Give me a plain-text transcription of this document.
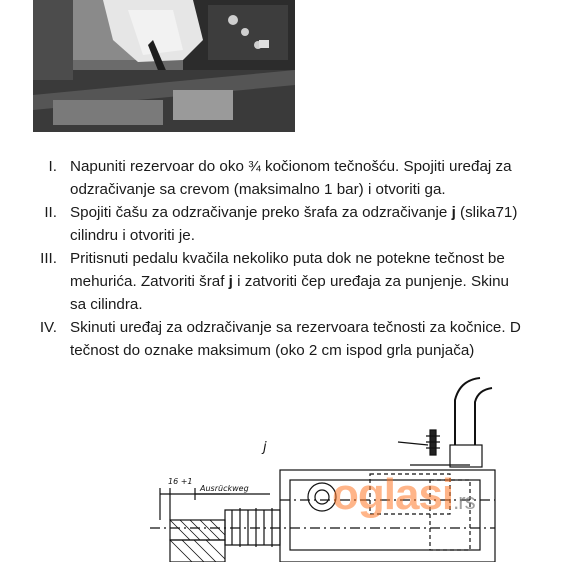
I. Napuniti rezervoar do oko ¾ kočionom tečnošću. Spojiti uređaj za
odzračivanje sa crevom (maksimalno 1 bar) i otvoriti ga.
II. Spojiti čašu za odzračivanje preko šrafa za odzračivanje j (slika71)
cilindru i otvoriti je.
III. Pritisnuti pedalu kvačila nekoliko puta dok ne potekne tečnost be
mehurića. Zatvoriti šraf j i zatvoriti čep uređaja za punjenje. Skinu
sa cilindra.
IV. Skinuti uređaj za odzračivanje sa rezervoara tečnosti za kočnice. D
tečnost do oznake maksimum (oko 2 cm ispod grla punjača)
j
16 +1
Ausrückweg oglasi.rs
